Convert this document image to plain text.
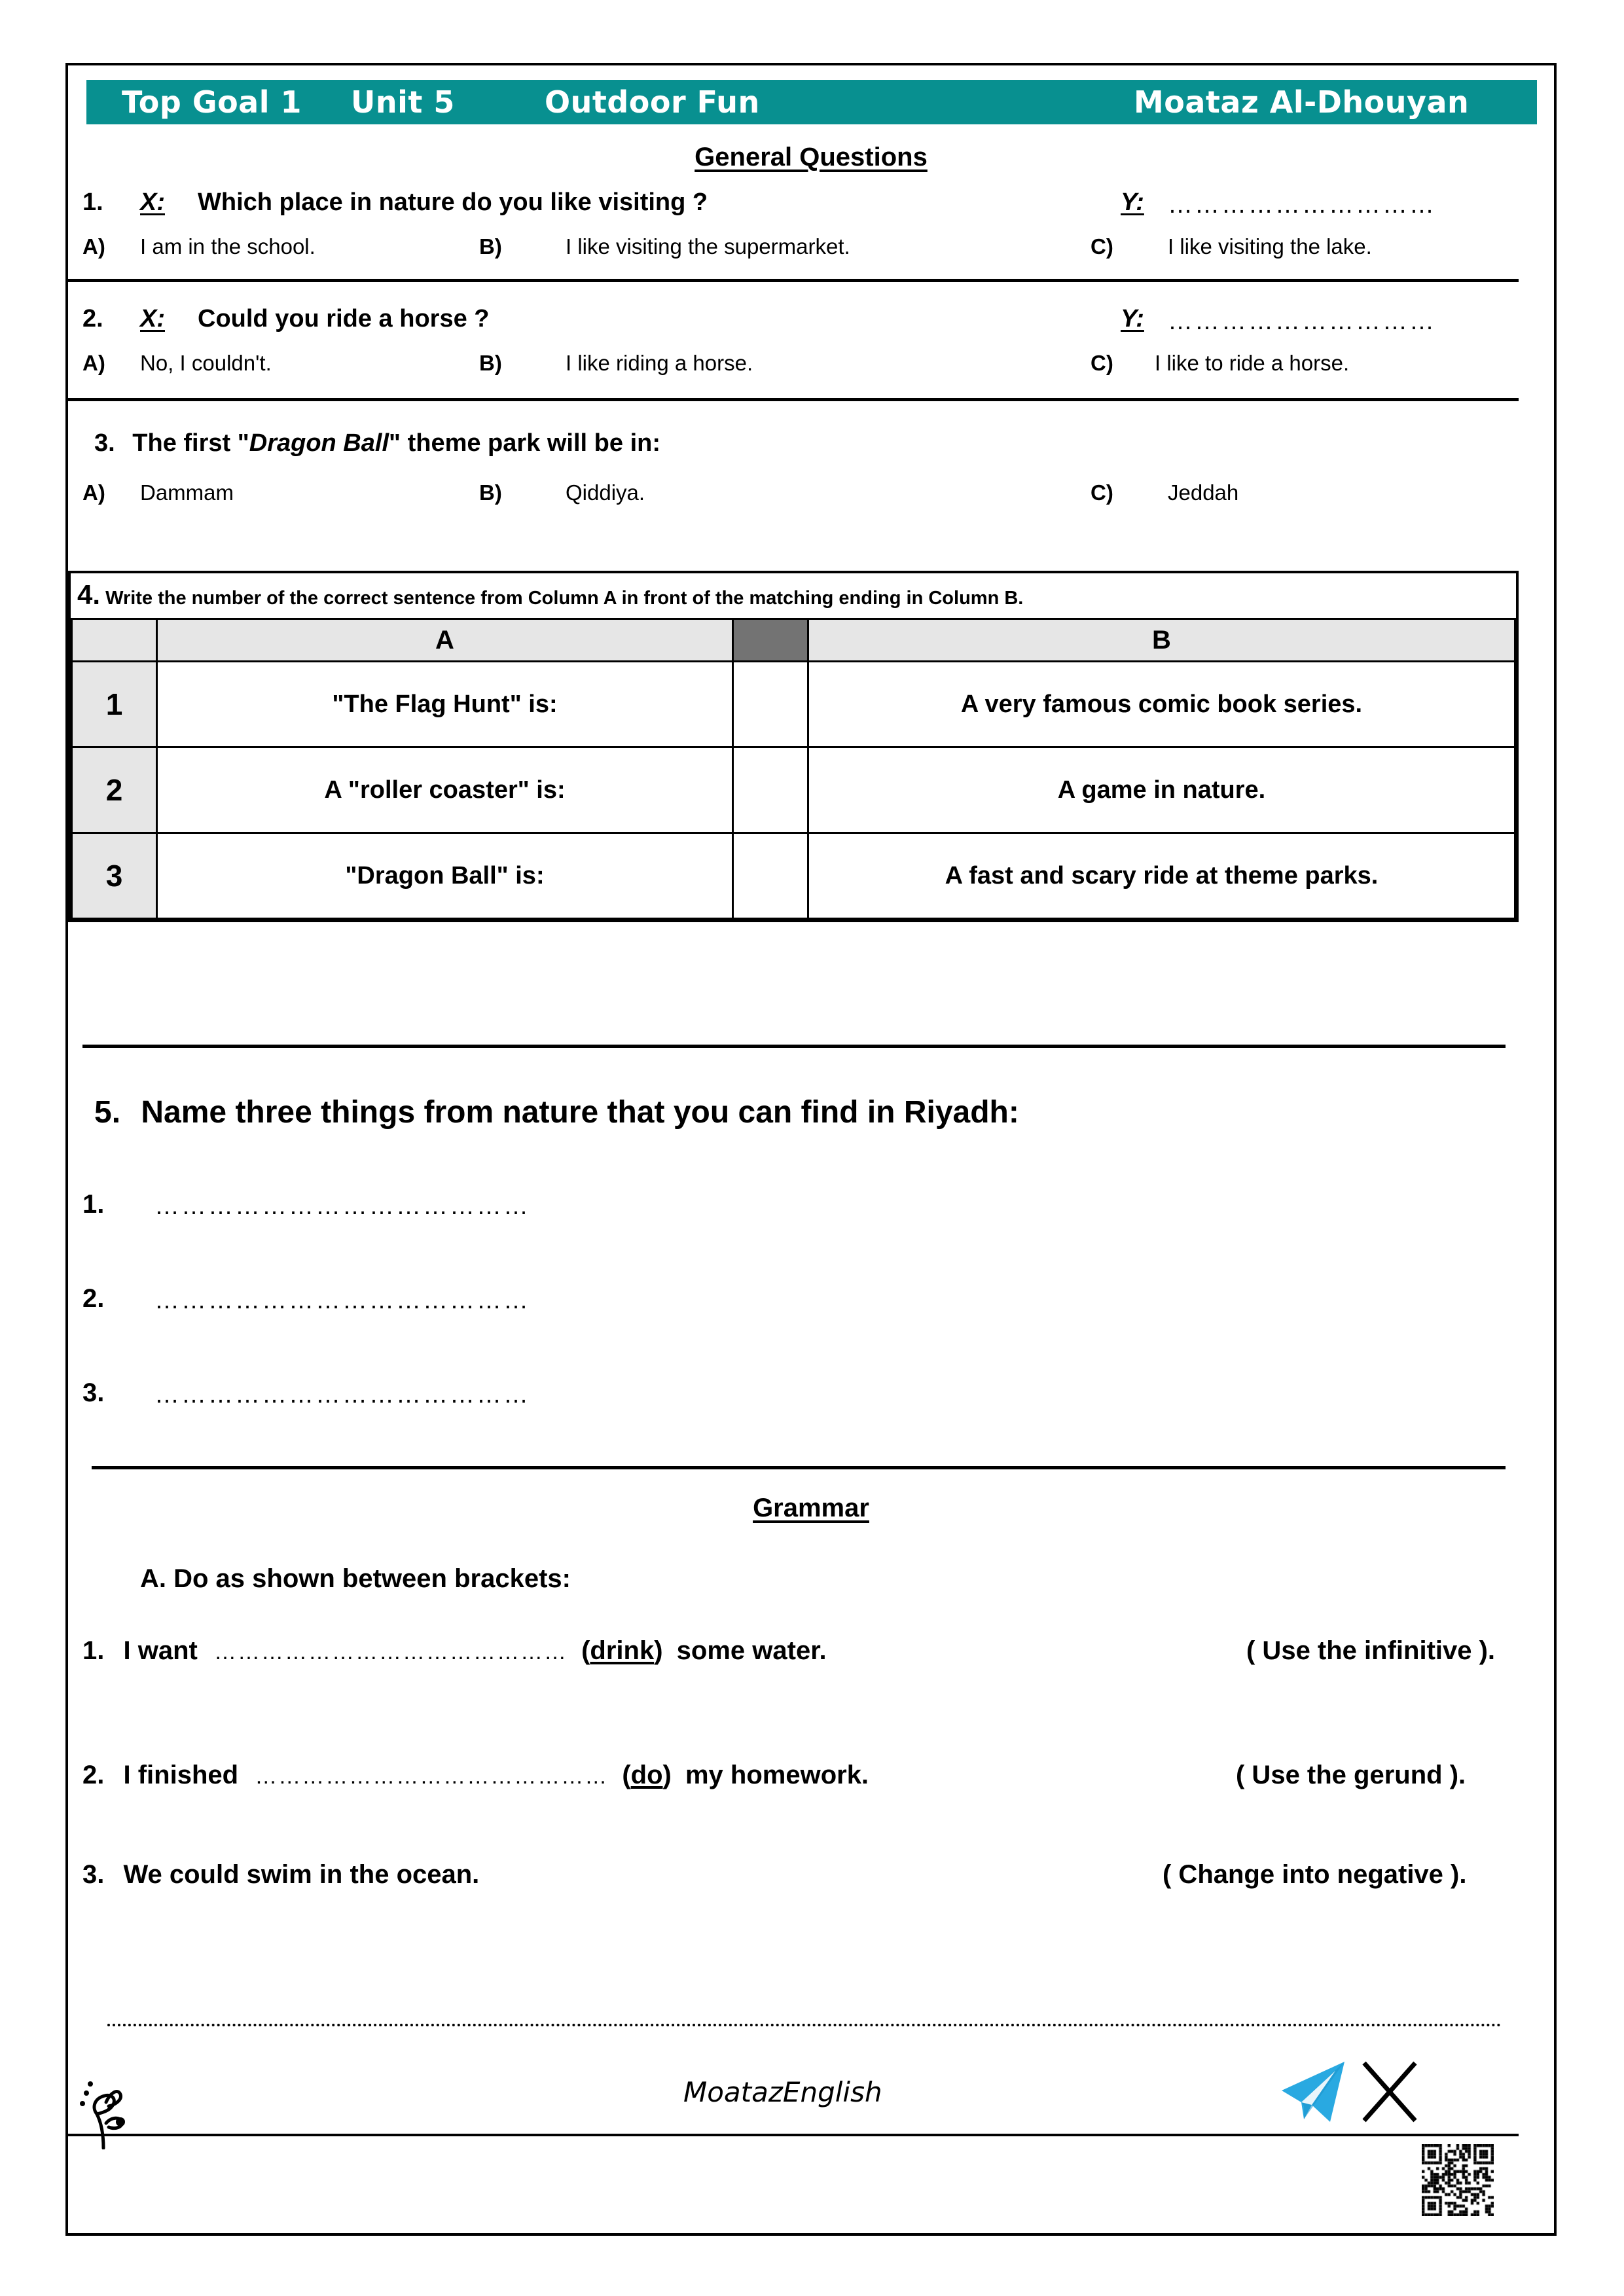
Top Goal 1 Unit 5	Outdoor Fun	Moataz Al-Dhouyan
General Questions
1. X: Which place in nature do you like visiting ?	Y: …………………………
A) I am in the school.	B)	I like visiting the supermarket.	C)	I like visiting the lake.
2. X: Could you ride a horse ?	Y: …………………………
A) No, I couldn't.	B)	I like riding a horse.	C) I like to ride a horse.
3. The first "Dragon Ball" theme park will be in:
A) Dammam	B)	Qiddiya.	C)	Jeddah
4. Write the number of the correct sentence from Column A in front of the matching ending in Column B.
	A		B
1	"The Flag Hunt" is:		A very famous comic book series.
2	A "roller coaster" is:		A game in nature.
3	"Dragon Ball" is:		A fast and scary ride at theme parks.
5. Name three things from nature that you can find in Riyadh:
1. ……………………………………
2. ……………………………………
3. ……………………………………
Grammar
A. Do as shown between brackets:
1. I want ……………………………………… (drink) some water.	( Use the infinitive ).
2. I finished ……………………………………… (do) my homework.	( Use the gerund ).
3. We could swim in the ocean.	( Change into negative ).
MoatazEnglish
